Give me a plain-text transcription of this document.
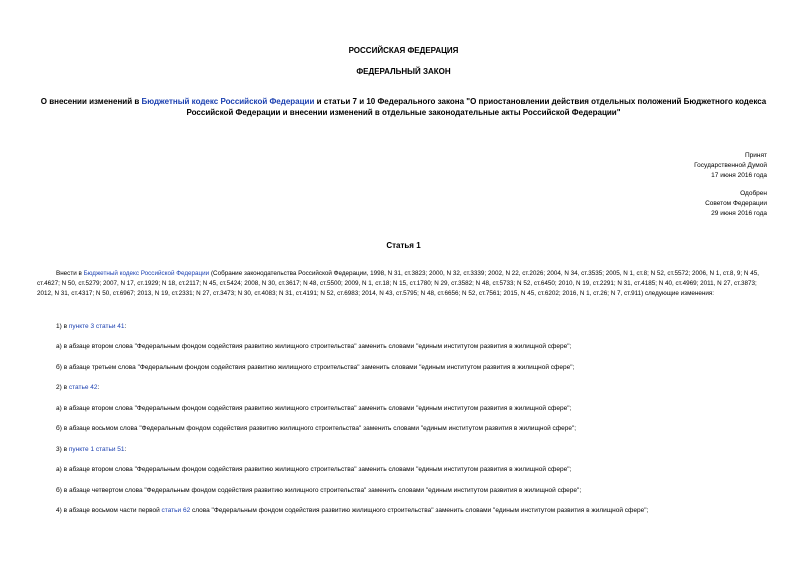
РОССИЙСКАЯ ФЕДЕРАЦИЯ
ФЕДЕРАЛЬНЫЙ ЗАКОН
О внесении изменений в Бюджетный кодекс Российской Федерации и статьи 7 и 10 Федерального закона "О приостановлении действия отдельных положений Бюджетного кодекса Российской Федерации и внесении изменений в отдельные законодательные акты Российской Федерации"
Принят
Государственной Думой
17 июня 2016 года
Одобрен
Советом Федерации
29 июня 2016 года
Статья 1
Внести в Бюджетный кодекс Российской Федерации (Собрание законодательства Российской Федерации, 1998, N 31, ст.3823; 2000, N 32, ст.3339; 2002, N 22, ст.2026; 2004, N 34, ст.3535; 2005, N 1, ст.8; N 52, ст.5572; 2006, N 1, ст.8, 9; N 45, ст.4627; N 50, ст.5279; 2007, N 17, ст.1929; N 18, ст.2117; N 45, ст.5424; 2008, N 30, ст.3617; N 48, ст.5500; 2009, N 1, ст.18; N 15, ст.1780; N 29, ст.3582; N 48, ст.5733; N 52, ст.6450; 2010, N 19, ст.2291; N 31, ст.4185; N 40, ст.4969; 2011, N 27, ст.3873; 2012, N 31, ст.4317; N 50, ст.6967; 2013, N 19, ст.2331; N 27, ст.3473; N 30, ст.4083; N 31, ст.4191; N 52, ст.6983; 2014, N 43, ст.5795; N 48, ст.6656; N 52, ст.7561; 2015, N 45, ст.6202; 2016, N 1, ст.26; N 7, ст.911) следующие изменения:
1) в пункте 3 статьи 41:
а) в абзаце втором слова "Федеральным фондом содействия развитию жилищного строительства" заменить словами "единым институтом развития в жилищной сфере";
б) в абзаце третьем слова "Федеральным фондом содействия развитию жилищного строительства" заменить словами "единым институтом развития в жилищной сфере";
2) в статье 42:
а) в абзаце втором слова "Федеральным фондом содействия развитию жилищного строительства" заменить словами "единым институтом развития в жилищной сфере";
б) в абзаце восьмом слова "Федеральным фондом содействия развитию жилищного строительства" заменить словами "единым институтом развития в жилищной сфере";
3) в пункте 1 статьи 51:
а) в абзаце втором слова "Федеральным фондом содействия развитию жилищного строительства" заменить словами "единым институтом развития в жилищной сфере";
б) в абзаце четвертом слова "Федеральным фондом содействия развитию жилищного строительства" заменить словами "единым институтом развития в жилищной сфере";
4) в абзаце восьмом части первой статьи 62 слова "Федеральным фондом содействия развитию жилищного строительства" заменить словами "единым институтом развития в жилищной сфере";
